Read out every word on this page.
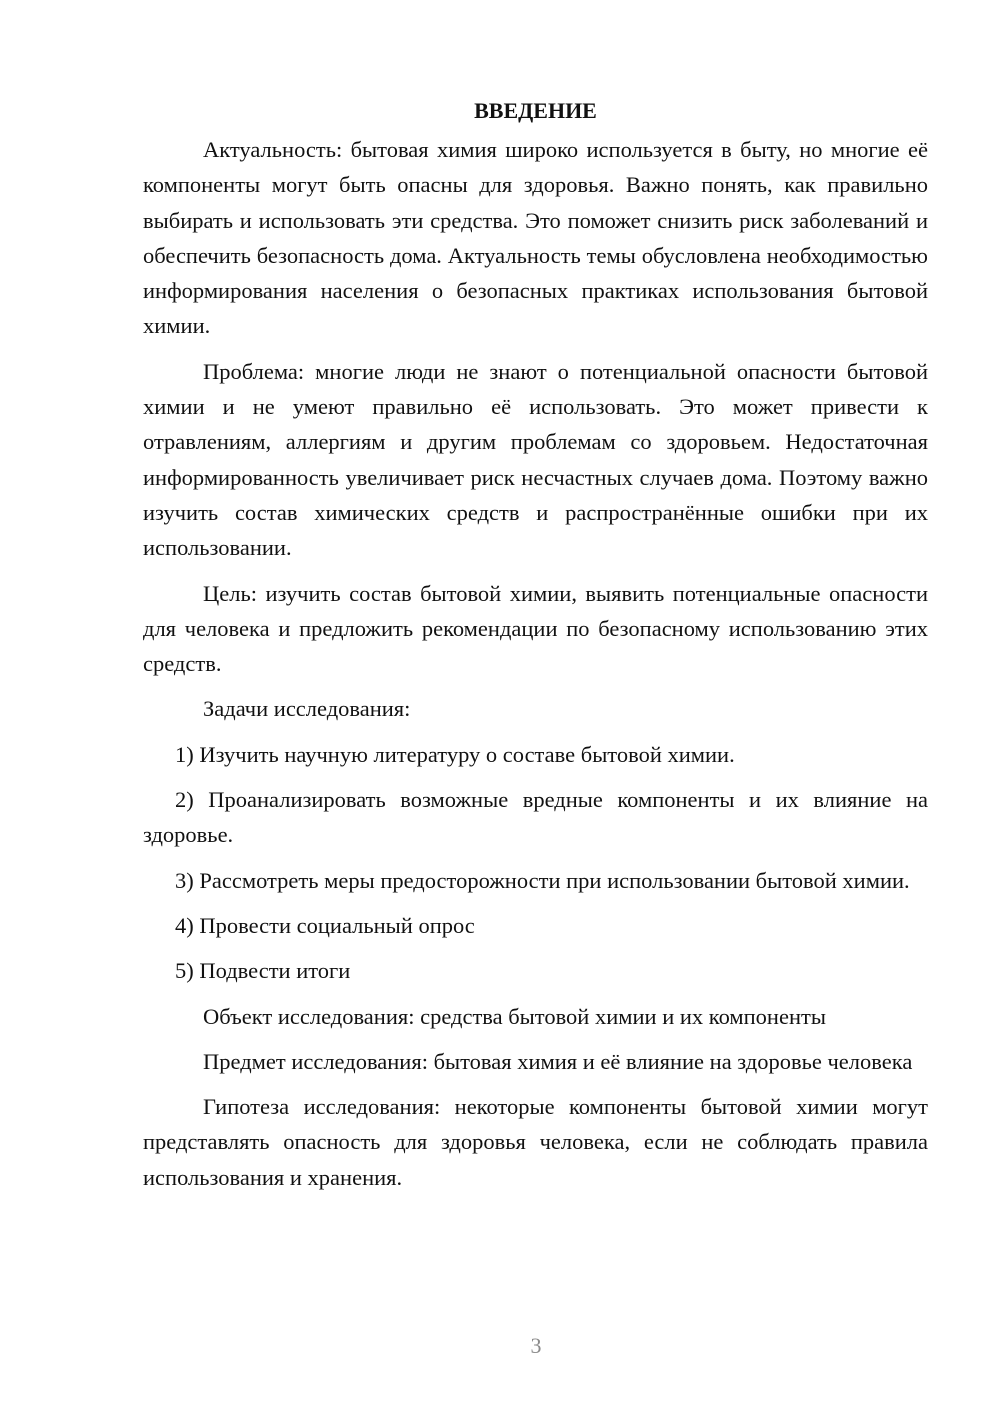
ВВЕДЕНИЕ

Актуальность: бытовая химия широко используется в быту, но многие её компоненты могут быть опасны для здоровья. Важно понять, как правильно выбирать и использовать эти средства. Это поможет снизить риск заболеваний и обеспечить безопасность дома. Актуальность темы обусловлена необходимостью информирования населения о безопасных практиках использования бытовой химии.

Проблема: многие люди не знают о потенциальной опасности бытовой химии и не умеют правильно её использовать. Это может привести к отравлениям, аллергиям и другим проблемам со здоровьем. Недостаточная информированность увеличивает риск несчастных случаев дома. Поэтому важно изучить состав химических средств и распространённые ошибки при их использовании.

Цель: изучить состав бытовой химии, выявить потенциальные опасности для человека и предложить рекомендации по безопасному использованию этих средств.

Задачи исследования:

1) Изучить научную литературу о составе бытовой химии.

2) Проанализировать возможные вредные компоненты и их влияние на здоровье.

3) Рассмотреть меры предосторожности при использовании бытовой химии.

4) Провести социальный опрос

5) Подвести итоги

Объект исследования: средства бытовой химии и их компоненты

Предмет исследования: бытовая химия и её влияние на здоровье человека

Гипотеза исследования: некоторые компоненты бытовой химии могут представлять опасность для здоровья человека, если не соблюдать правила использования и хранения.

3
